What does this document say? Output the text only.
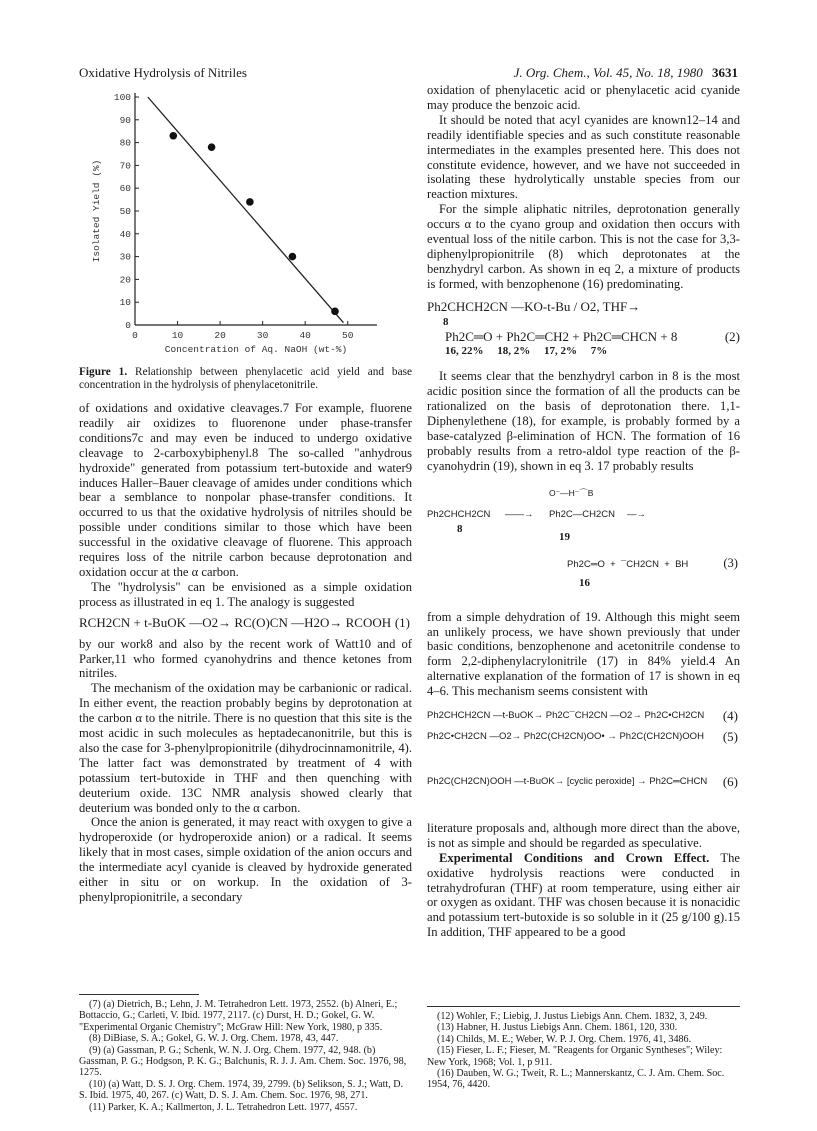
Oxidative Hydrolysis of Nitriles	J. Org. Chem., Vol. 45, No. 18, 1980 3631
0
10
20
30
40
50
60
70
80
90
100
0	10	20	30	40	50
Concentration of Aq. NaOH (wt-%)
Isolated Yield (%)

Figure 1. Relationship between phenylacetic acid yield and base concentration in the hydrolysis of phenylacetonitrile.

of oxidations and oxidative cleavages.7 For example, fluorene readily air oxidizes to fluorenone under phase-transfer conditions7c and may even be induced to undergo oxidative cleavage to 2-carboxybiphenyl.8 The so-called "anhydrous hydroxide" generated from potassium tert-butoxide and water9 induces Haller–Bauer cleavage of amides under conditions which bear a semblance to nonpolar phase-transfer conditions. It occurred to us that the oxidative hydrolysis of nitriles should be possible under conditions similar to those which have been successful in the oxidative cleavage of fluorene. This approach requires loss of the nitrile carbon because deprotonation and oxidation occur at the α carbon.

The "hydrolysis" can be envisioned as a simple oxidation process as illustrated in eq 1. The analogy is suggested

RCH2CN + t-BuOK —O2→ RC(O)CN —H2O→ RCOOH (1)

by our work8 and also by the recent work of Watt10 and of Parker,11 who formed cyanohydrins and thence ketones from nitriles.

The mechanism of the oxidation may be carbanionic or radical. In either event, the reaction probably begins by deprotonation at the carbon α to the nitrile. There is no question that this site is the most acidic in such molecules as heptadecanonitrile, but this is also the case for 3-phenylpropionitrile (dihydrocinnamonitrile, 4). The latter fact was demonstrated by treatment of 4 with potassium tert-butoxide in THF and then quenching with deuterium oxide. 13C NMR analysis showed clearly that deuterium was bonded only to the α carbon.

Once the anion is generated, it may react with oxygen to give a hydroperoxide (or hydroperoxide anion) or a radical. It seems likely that in most cases, simple oxidation of the anion occurs and the intermediate acyl cyanide is cleaved by hydroxide generated either in situ or on workup. In the oxidation of 3-phenylpropionitrile, a secondary

(7) (a) Dietrich, B.; Lehn, J. M. Tetrahedron Lett. 1973, 2552. (b) Alneri, E.; Bottaccio, G.; Carleti, V. Ibid. 1977, 2117. (c) Durst, H. D.; Gokel, G. W. "Experimental Organic Chemistry"; McGraw Hill: New York, 1980, p 335.

(8) DiBiase, S. A.; Gokel, G. W. J. Org. Chem. 1978, 43, 447.

(9) (a) Gassman, P. G.; Schenk, W. N. J. Org. Chem. 1977, 42, 948. (b) Gassman, P. G.; Hodgson, P. K. G.; Balchunis, R. J. J. Am. Chem. Soc. 1976, 98, 1275.

(10) (a) Watt, D. S. J. Org. Chem. 1974, 39, 2799. (b) Selikson, S. J.; Watt, D. S. Ibid. 1975, 40, 267. (c) Watt, D. S. J. Am. Chem. Soc. 1976, 98, 271.

(11) Parker, K. A.; Kallmerton, J. L. Tetrahedron Lett. 1977, 4557.

oxidation of phenylacetic acid or phenylacetic acid cyanide may produce the benzoic acid.

It should be noted that acyl cyanides are known12–14 and readily identifiable species and as such constitute reasonable intermediates in the examples presented here. This does not constitute evidence, however, and we have not succeeded in isolating these hydrolytically unstable species from our reaction mixtures.

For the simple aliphatic nitriles, deprotonation generally occurs α to the cyano group and oxidation then occurs with eventual loss of the nitile carbon. This is not the case for 3,3-diphenylpropionitrile (8) which deprotonates at the benzhydryl carbon. As shown in eq 2, a mixture of products is formed, with benzophenone (16) predominating.

Ph2CHCH2CN —KO-t-Bu / O2, THF→
8
Ph2C═O + Ph2C═CH2 + Ph2C═CHCN + 8	(2)
16, 22%     18, 2%     17, 2%     7%

It seems clear that the benzhydryl carbon in 8 is the most acidic position since the formation of all the products can be rationalized on the basis of deprotonation there. 1,1-Diphenylethene (18), for example, is probably formed by a base-catalyzed β-elimination of HCN. The formation of 16 probably results from a retro-aldol type reaction of the β-cyanohydrin (19), shown in eq 3. 17 probably results

Ph2CHCH2CN
8
——→
O⁻—H⁻⌒B
Ph2C—CH2CN
19
—→
Ph2C═O  +  ¯CH2CN  +  BH
16
(3)

from a simple dehydration of 19. Although this might seem an unlikely process, we have shown previously that under basic conditions, benzophenone and acetonitrile condense to form 2,2-diphenylacrylonitrile (17) in 84% yield.4 An alternative explanation of the formation of 17 is shown in eq 4–6. This mechanism seems consistent with

Ph2CHCH2CN —t-BuOK→ Ph2C¯CH2CN —O2→ Ph2C•CH2CN (4)
Ph2C•CH2CN —O2→ Ph2C(CH2CN)OO• → Ph2C(CH2CN)OOH (5)
Ph2C(CH2CN)OOH —t-BuOK→ [cyclic peroxide] → Ph2C═CHCN (6)

literature proposals and, although more direct than the above, is not as simple and should be regarded as speculative.

Experimental Conditions and Crown Effect. The oxidative hydrolysis reactions were conducted in tetrahydrofuran (THF) at room temperature, using either air or oxygen as oxidant. THF was chosen because it is nonacidic and potassium tert-butoxide is so soluble in it (25 g/100 g).15 In addition, THF appeared to be a good

(12) Wohler, F.; Liebig, J. Justus Liebigs Ann. Chem. 1832, 3, 249.

(13) Habner, H. Justus Liebigs Ann. Chem. 1861, 120, 330.

(14) Childs, M. E.; Weber, W. P. J. Org. Chem. 1976, 41, 3486.

(15) Fieser, L. F.; Fieser, M. "Reagents for Organic Syntheses"; Wiley: New York, 1968; Vol. 1, p 911.

(16) Dauben, W. G.; Tweit, R. L.; Mannerskantz, C. J. Am. Chem. Soc. 1954, 76, 4420.
